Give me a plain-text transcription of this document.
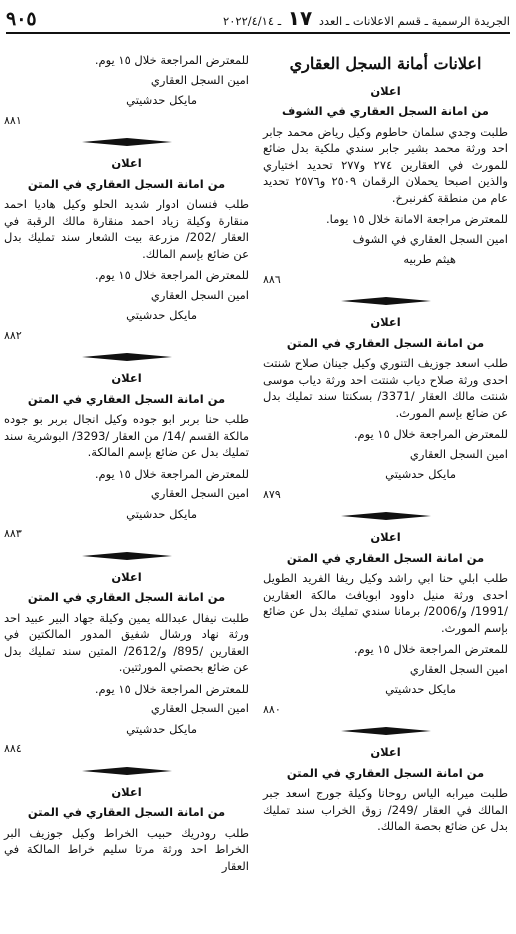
الجريدة الرسمية ـ قسم الاعلانات ـ العدد ١٧ ـ ٢٠٢٢/٤/١٤
٩٠٥
اعلانات أمانة السجل العقاري
اعلان
من امانة السجل العقاري في الشوف
طلبت وجدي سلمان حاطوم وكيل رياض محمد جابر احد ورثة محمد بشير جابر سندي ملكية بدل ضائع للمورث في العقارين ٢٧٤ و٢٧٧ تحديد اختياري والذين اصبحا يحملان الرقمان ٢٥٠٩ و٢٥٧٦ تحديد عام من منطقة كفرنبرخ.
للمعترض مراجعة الامانة خلال ١٥ يوما.
امين السجل العقاري في الشوف
هيثم طربيه
٨٨٦
اعلان
من امانة السجل العقاري في المتن
طلب اسعد جوزيف التنوري وكيل جينان صلاح شنتت احدى ورثة صلاح دياب شنتت احد ورثة دياب موسى شنتت مالك العقار /3371/ بسكنتا سند تمليك بدل عن ضائع بإسم المورث.
للمعترض المراجعة خلال ١٥ يوم.
امين السجل العقاري
مايكل حدشيتي
٨٧٩
اعلان
من امانة السجل العقاري في المتن
طلب ابلي حنا ابي راشد وكيل ريفا الفريد الطويل احدى ورثة منيل داوود ابويافث مالكة العقارين /1991/ و/2006/ برمانا سندي تمليك بدل عن ضائع بإسم المورث.
للمعترض المراجعة خلال ١٥ يوم.
امين السجل العقاري
مايكل حدشيتي
٨٨٠
اعلان
من امانة السجل العقاري في المتن
طلبت ميرابه الياس روحانا وكيلة جورج اسعد جبر المالك في العقار /249/ زوق الخراب سند تمليك بدل عن ضائع بحصة المالك.
للمعترض المراجعة خلال ١٥ يوم.
امين السجل العقاري
مايكل حدشيتي
٨٨١
اعلان
من امانة السجل العقاري في المتن
طلب فنسان ادوار شديد الحلو وكيل هاديا احمد منقارة وكيلة زياد احمد منقارة مالك الرقبة في العقار /202/ مزرعة بيت الشعار سند تمليك بدل عن ضائع بإسم المالك.
للمعترض المراجعة خلال ١٥ يوم.
امين السجل العقاري
مايكل حدشيتي
٨٨٢
اعلان
من امانة السجل العقاري في المتن
طلب حنا بربر ابو جوده وكيل انجال بربر بو جوده مالكة القسم /14/ من العقار /3293/ البوشرية سند تمليك بدل عن ضائع بإسم المالكة.
للمعترض المراجعة خلال ١٥ يوم.
امين السجل العقاري
مايكل حدشيتي
٨٨٣
اعلان
من امانة السجل العقاري في المتن
طلبت نيفال عبدالله يمين وكيلة جهاد البير عبيد احد ورثة نهاد ورشال شفيق المدور المالكتين في العقارين /895/ و/2612/ المتين سند تمليك بدل عن ضائع بحصتي المورثتين.
للمعترض المراجعة خلال ١٥ يوم.
امين السجل العقاري
مايكل حدشيتي
٨٨٤
اعلان
من امانة السجل العقاري في المتن
طلب رودريك حبيب الخراط وكيل جوزيف البر الخراط احد ورثة مرتا سليم خراط المالكة في العقار
